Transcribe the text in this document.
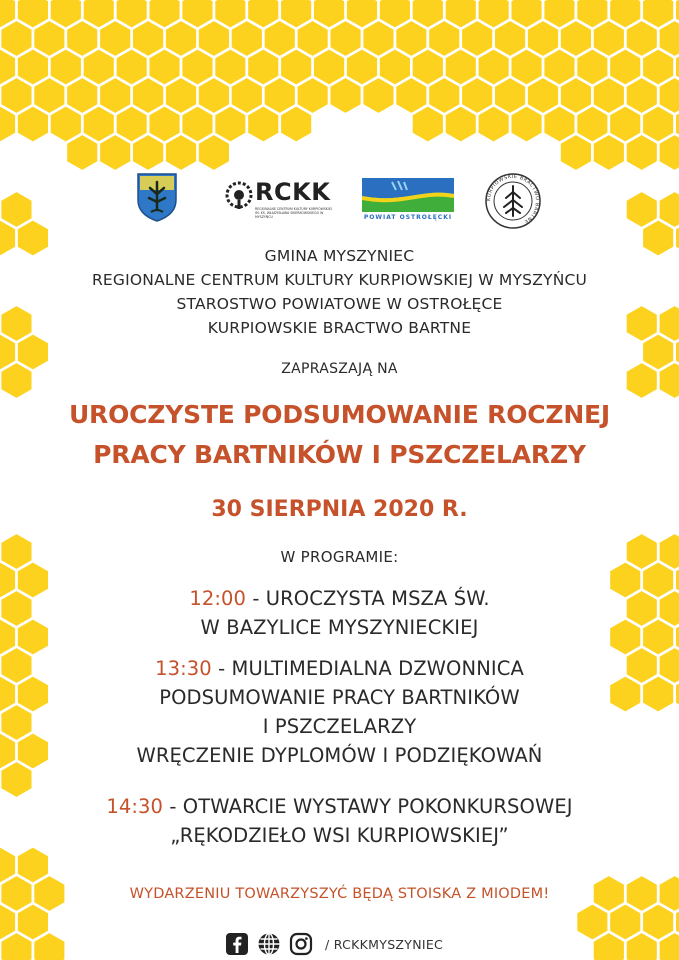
RCKK
REGIONALNE CENTRUM KULTURY KURPIOWSKIEJ IM. KS. WŁADYSŁAWA SKIERKOWSKIEGO W MYSZYŃCU	POWIAT OSTROŁĘCKI
KURPIOWSKIE BRACTWO BARTNE
GMINA MYSZYNIEC
REGIONALNE CENTRUM KULTURY KURPIOWSKIEJ W MYSZYŃCU
STAROSTWO POWIATOWE W OSTROŁĘCE
KURPIOWSKIE BRACTWO BARTNE
ZAPRASZAJĄ NA
UROCZYSTE PODSUMOWANIE ROCZNEJ
PRACY BARTNIKÓW I PSZCZELARZY
30 SIERPNIA 2020 R.
W PROGRAMIE:
12:00 - UROCZYSTA MSZA ŚW.
W BAZYLICE MYSZYNIECKIEJ
13:30 - MULTIMEDIALNA DZWONNICA
PODSUMOWANIE PRACY BARTNIKÓW
I PSZCZELARZY
WRĘCZENIE DYPLOMÓW I PODZIĘKOWAŃ
14:30 - OTWARCIE WYSTAWY POKONKURSOWEJ
„RĘKODZIEŁO WSI KURPIOWSKIEJ”
WYDARZENIU TOWARZYSZYĆ BĘDĄ STOISKA Z MIODEM!
/ RCKKMYSZYNIEC
